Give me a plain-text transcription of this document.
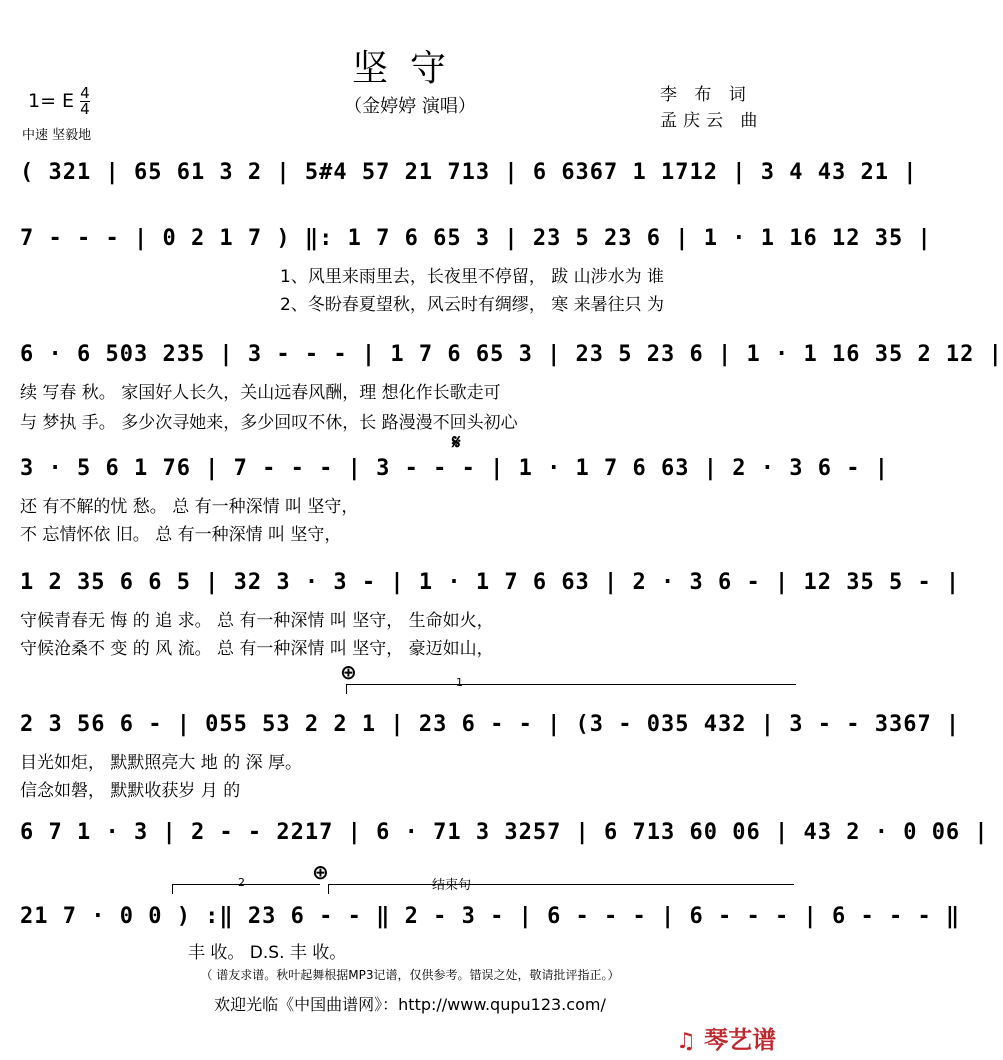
坚守
（金婷婷 演唱）
1= E $\frac{4}{4}$
中速 坚毅地
李 布 词
孟庆云 曲
( 321 | 65 61 3 2 | 5#4 57 21 713 | 6 6367 1 1712 | 3 4 43 21 |
7 - - - | 0 2 1 7 ) ‖: 1 7 6 65 3 | 23 5 23 6 | 1 · 1 16 12 35 |
1、风里来雨里去，长夜里不停留， 跋 山涉水为 谁
2、冬盼春夏望秋，风云时有绸缪， 寒 来暑往只 为
6 · 6 503 235 | 3 - - - | 1 7 6 65 3 | 23 5 23 6 | 1 · 1 16 35 2 12 |
续 写春 秋。 家国好人长久，关山远春风酬，理 想化作长歌走可
与 梦执 手。 多少次寻她来，多少回叹不休，长 路漫漫不回头初心
𝄋
3 · 5 6 1 76 | 7 - - - | 3 - - - | 1 · 1 7 6 63 | 2 · 3 6 - |
还 有不解的忧 愁。 总 有一种深情 叫 坚守，
不 忘情怀依 旧。 总 有一种深情 叫 坚守，
1 2 35 6 6 5 | 32 3 · 3 - | 1 · 1 7 6 63 | 2 · 3 6 - | 12 35 5 - |
守候青春无 悔 的 追 求。 总 有一种深情 叫 坚守， 生命如火，
守候沧桑不 变 的 风 流。 总 有一种深情 叫 坚守， 豪迈如山，
⊕	1
2 3 56 6 - | 055 53 2 2 1 | 23 6 - - | (3 - 035 432 | 3 - - 3367 |
目光如炬， 默默照亮大 地 的 深 厚。
信念如磐， 默默收获岁 月 的
6 7 1 · 3 | 2 - - 2217 | 6 · 71 3 3257 | 6 713 60 06 | 43 2 · 0 06 |
⊕
2	结束句
21 7 · 0 0 ) :‖ 23 6 - - ‖ 2 - 3 - | 6 - - - | 6 - - - | 6 - - - ‖
丰 收。 D.S. 丰 收。
（ 谱友求谱。秋叶起舞根据MP3记谱，仅供参考。错误之处，敬请批评指正。）
欢迎光临《中国曲谱网》：http://www.qupu123.com/
♫ 琴艺谱
